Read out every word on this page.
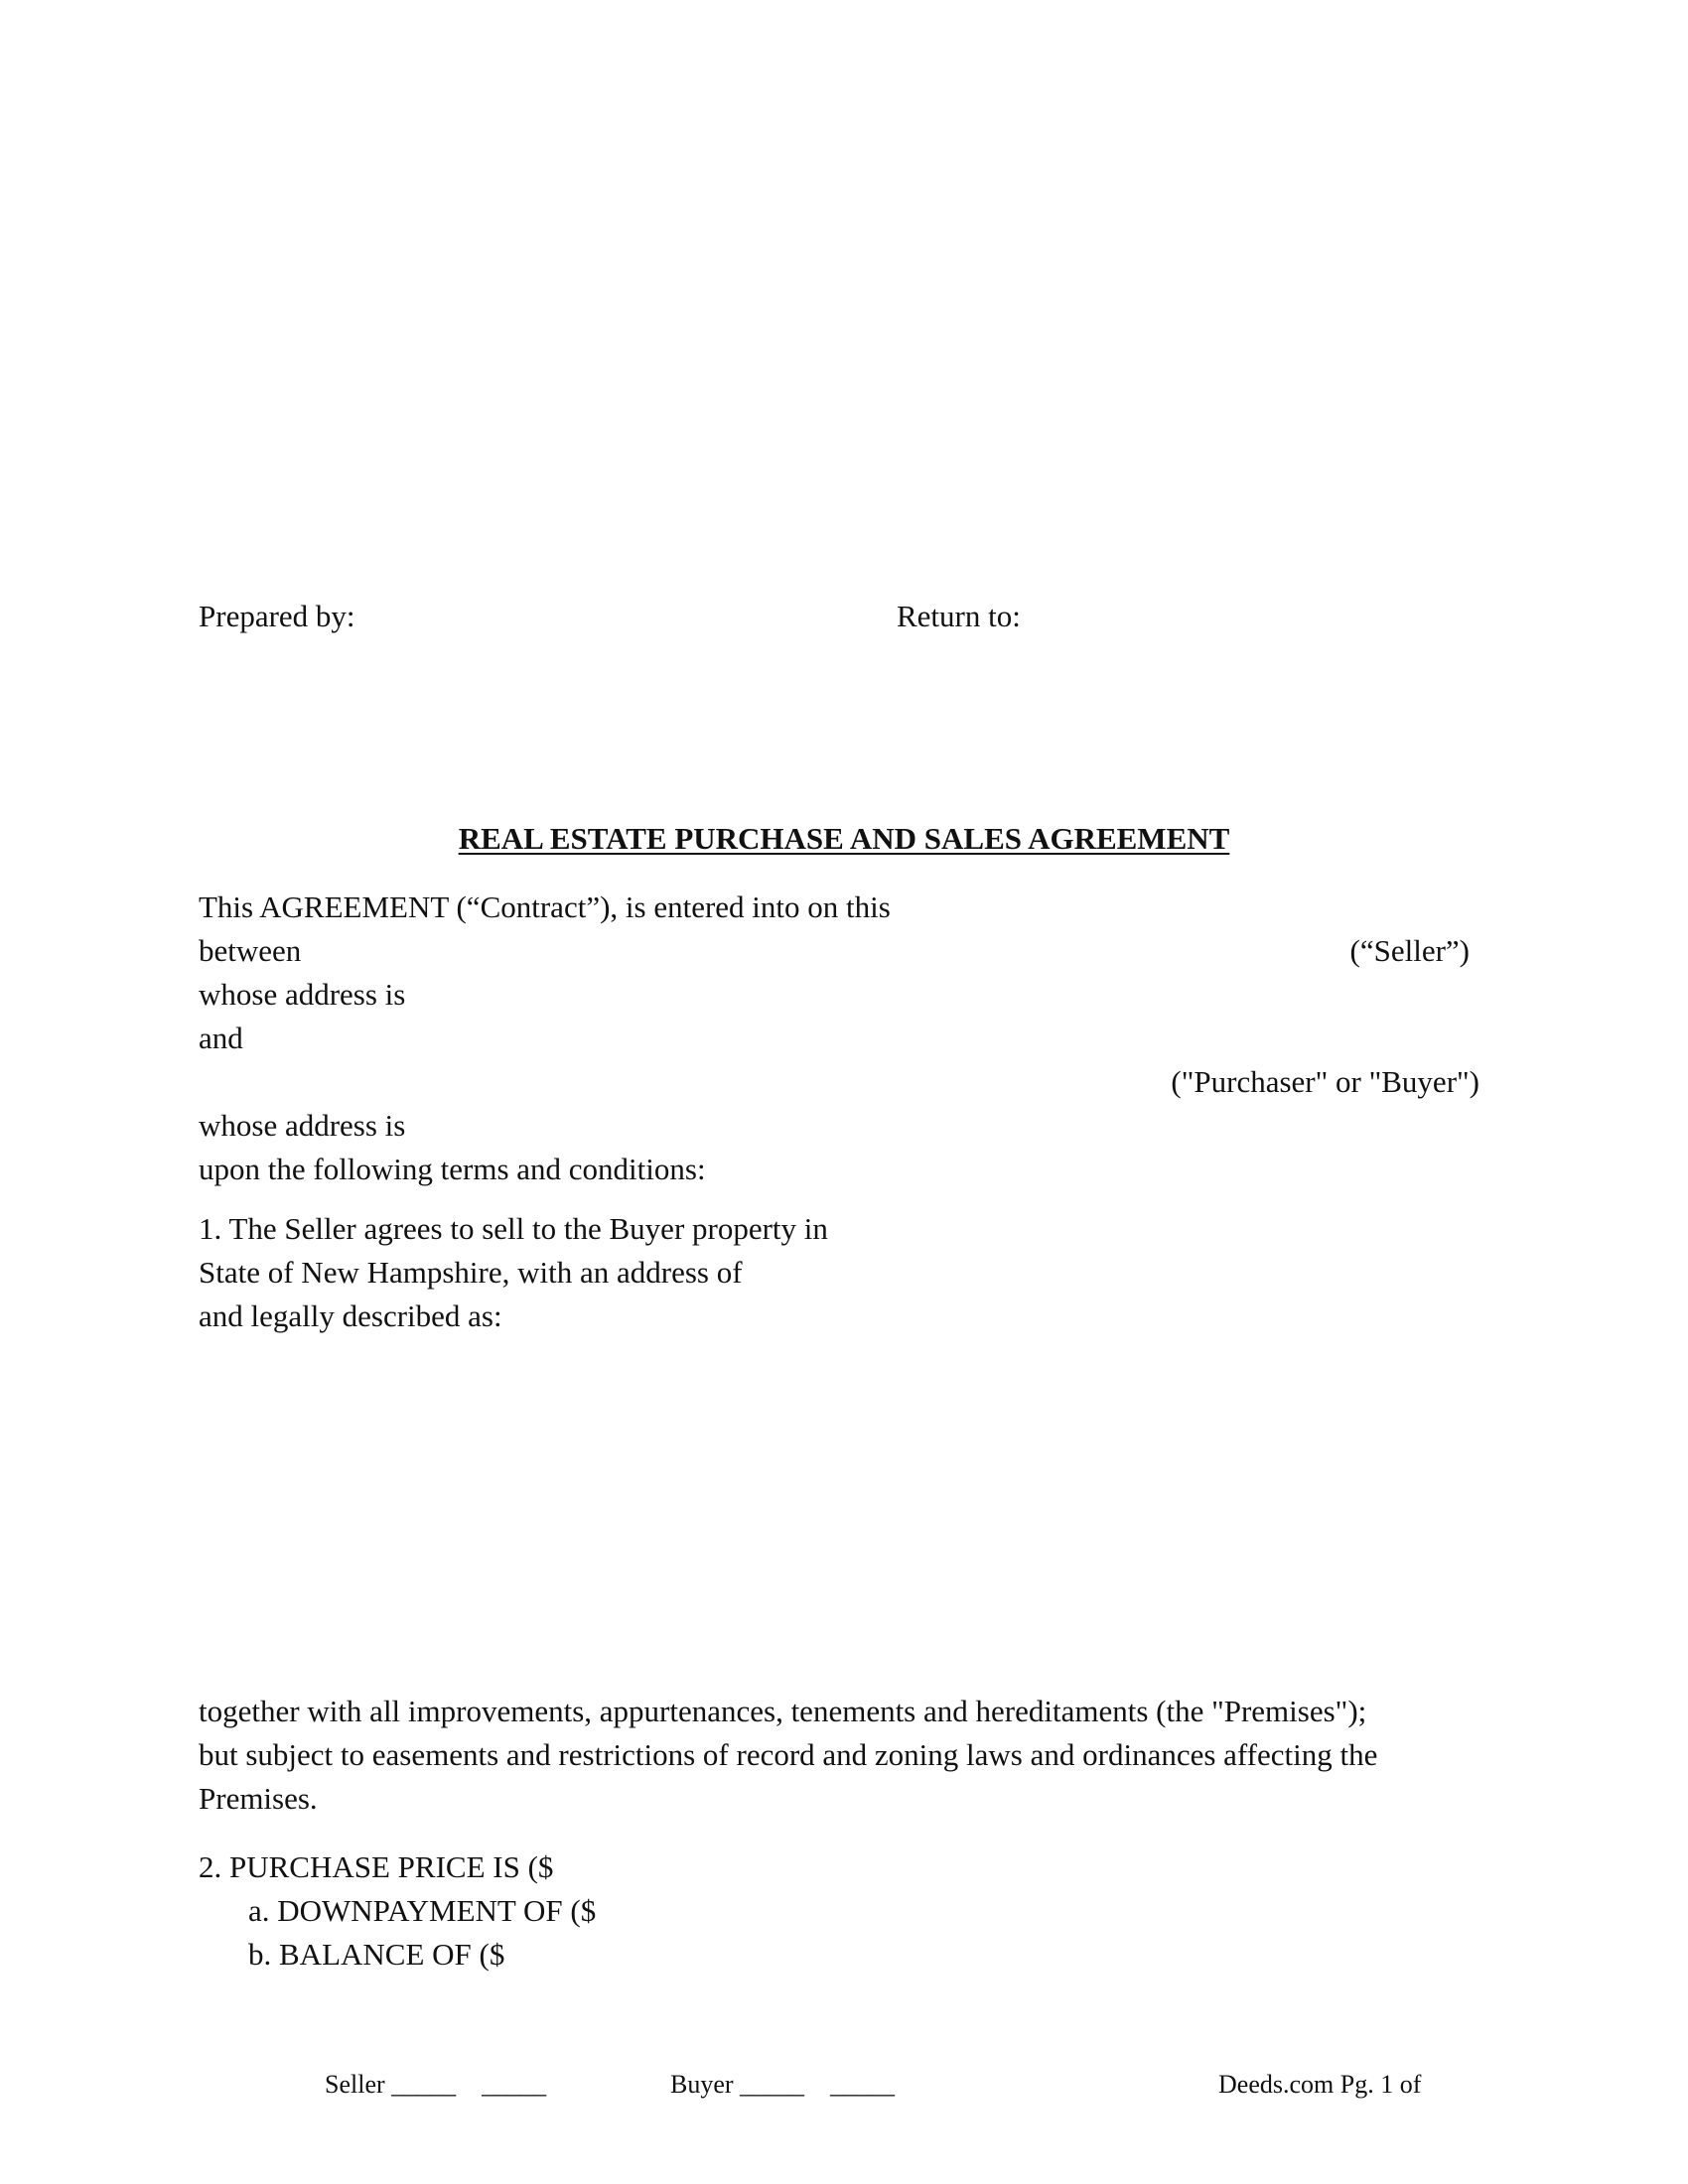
Prepared by:	Return to:
REAL ESTATE PURCHASE AND SALES AGREEMENT
This AGREEMENT (“Contract”), is entered into on this
between	(“Seller”)
whose address is
and
("Purchaser" or "Buyer")
whose address is
upon the following terms and conditions:
1. The Seller agrees to sell to the Buyer property in
State of New Hampshire, with an address of
and legally described as:
together with all improvements, appurtenances, tenements and hereditaments (the "Premises");
but subject to easements and restrictions of record and zoning laws and ordinances affecting the
Premises.
2. PURCHASE PRICE IS ($
a. DOWNPAYMENT OF ($
b. BALANCE OF ($
Seller _____    _____	Buyer _____    _____	Deeds.com Pg. 1 of
